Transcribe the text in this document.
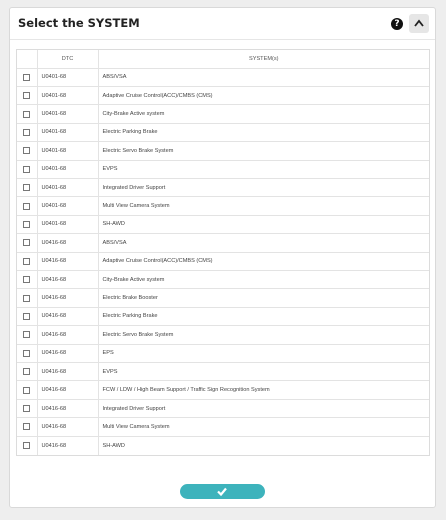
Select the SYSTEM	?
	DTC	SYSTEM(s)
	U0401-68	ABS/VSA
	U0401-68	Adaptive Cruise Control(ACC)/CMBS (CMS)
	U0401-68	City-Brake Active system
	U0401-68	Electric Parking Brake
	U0401-68	Electric Servo Brake System
	U0401-68	EVPS
	U0401-68	Integrated Driver Support
	U0401-68	Multi View Camera System
	U0401-68	SH-AWD
	U0416-68	ABS/VSA
	U0416-68	Adaptive Cruise Control(ACC)/CMBS (CMS)
	U0416-68	City-Brake Active system
	U0416-68	Electric Brake Booster
	U0416-68	Electric Parking Brake
	U0416-68	Electric Servo Brake System
	U0416-68	EPS
	U0416-68	EVPS
	U0416-68	FCW / LDW / High Beam Support / Traffic Sign Recognition System
	U0416-68	Integrated Driver Support
	U0416-68	Multi View Camera System
	U0416-68	SH-AWD
